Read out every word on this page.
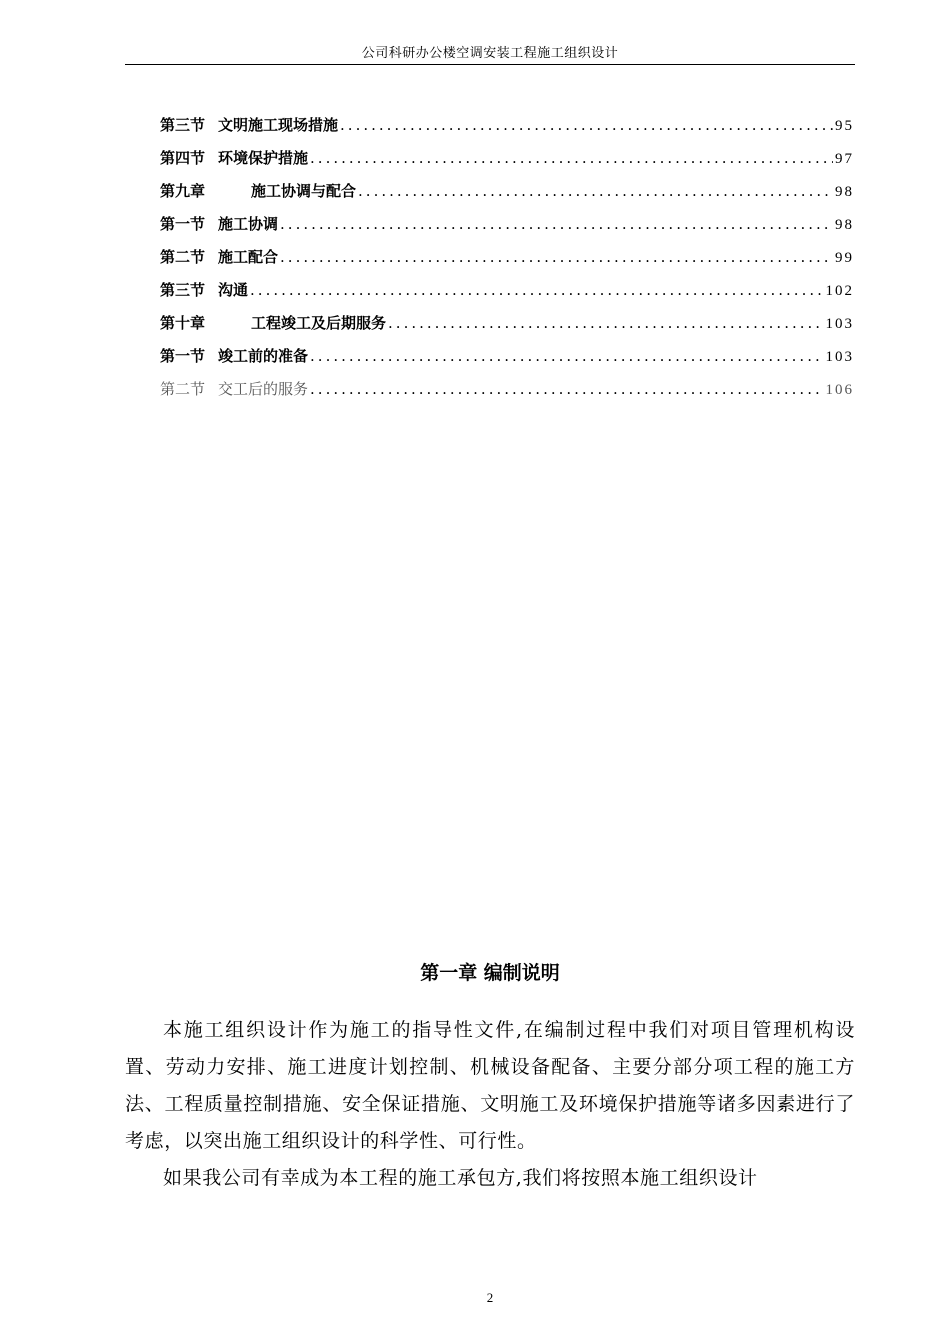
公司科研办公楼空调安装工程施工组织设计
第三节 文明施工现场措施 .....	95
第四节 环境保护措施 .....	97
第九章	施工协调与配合 .....	98
第一节 施工协调 .....	98
第二节 施工配合 .....	99
第三节 沟通 .....	102
第十章	工程竣工及后期服务 .....	103
第一节 竣工前的准备 .....	103
第二节 交工后的服务 .....	106
第一章 编制说明

本施工组织设计作为施工的指导性文件,在编制过程中我们对项目管理机构设置、劳动力安排、施工进度计划控制、机械设备配备、主要分部分项工程的施工方法、工程质量控制措施、安全保证措施、文明施工及环境保护措施等诸多因素进行了考虑，以突出施工组织设计的科学性、可行性。

如果我公司有幸成为本工程的施工承包方,我们将按照本施工组织设计

2
